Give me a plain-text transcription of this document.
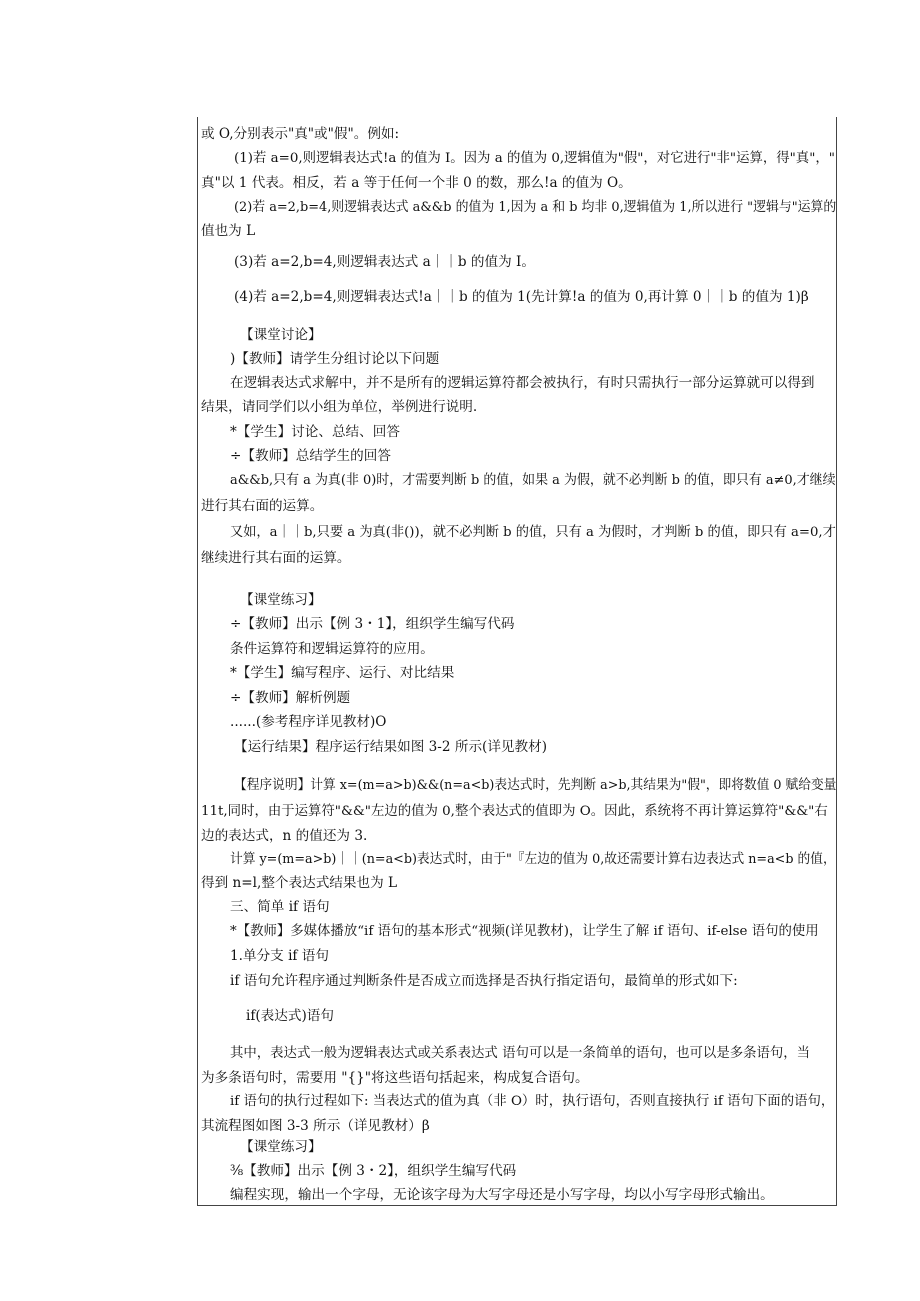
或 O,分别表示"真"或"假"。例如:
(1)若 a=0,则逻辑表达式!a 的值为 I。因为 a 的值为 0,逻辑值为"假"，对它进行"非"运算，得"真"，"
真"以 1 代表。相反，若 a 等于任何一个非 0 的数，那么!a 的值为 O。
(2)若 a=2,b=4,则逻辑表达式 a&&b 的值为 1,因为 a 和 b 均非 0,逻辑值为 1,所以进行 "逻辑与"运算的
值也为 L
(3)若 a=2,b=4,则逻辑表达式 a｜｜b 的值为 I。
(4)若 a=2,b=4,则逻辑表达式!a｜｜b 的值为 1(先计算!a 的值为 0,再计算 0｜｜b 的值为 1)β
【课堂讨论】
)【教师】请学生分组讨论以下问题
在逻辑表达式求解中，并不是所有的逻辑运算符都会被执行，有时只需执行一部分运算就可以得到
结果，请同学们以小组为单位，举例进行说明.
*【学生】讨论、总结、回答
÷【教师】总结学生的回答
a&&b,只有 a 为真(非 0)时，才需要判断 b 的值，如果 a 为假，就不必判断 b 的值，即只有 a≠0,才继续
进行其右面的运算。
又如，a｜｜b,只要 a 为真(非())，就不必判断 b 的值，只有 a 为假时，才判断 b 的值，即只有 a=0,才
继续进行其右面的运算。
【课堂练习】
÷【教师】出示【例 3・1】，组织学生编写代码
条件运算符和逻辑运算符的应用。
*【学生】编写程序、运行、对比结果
÷【教师】解析例题
......(参考程序详见教材)O
【运行结果】程序运行结果如图 3-2 所示(详见教材)
【程序说明】计算 x=(m=a>b)&&(n=a<b)表达式时，先判断 a>b,其结果为"假"，即将数值 0 赋给变量
11t,同时，由于运算符"&&"左边的值为 0,整个表达式的值即为 O。因此，系统将不再计算运算符"&&"右
边的表达式，n 的值还为 3.
计算 y=(m=a>b)｜｜(n=a<b)表达式时，由于"『左边的值为 0,故还需要计算右边表达式 n=a<b 的值，
得到 n=l,整个表达式结果也为 L
三、简单 if 语句
*【教师】多媒体播放“if 语句的基本形式“视频(详见教材)，让学生了解 if 语句、if-else 语句的使用
1.单分支 if 语句
if 语句允许程序通过判断条件是否成立而选择是否执行指定语句，最简单的形式如下:
if(表达式)语句
其中，表达式一般为逻辑表达式或关系表达式 语句可以是一条简单的语句，也可以是多条语句，当
为多条语句时，需要用 "{}"将这些语句括起来，构成复合语句。
if 语句的执行过程如下: 当表达式的值为真（非 O）时，执行语句，否则直接执行 if 语句下面的语句，
其流程图如图 3-3 所示（详见教材）β
【课堂练习】
⅜【教师】出示【例 3・2】，组织学生编写代码
编程实现，输出一个字母，无论该字母为大写字母还是小写字母，均以小写字母形式输出。
